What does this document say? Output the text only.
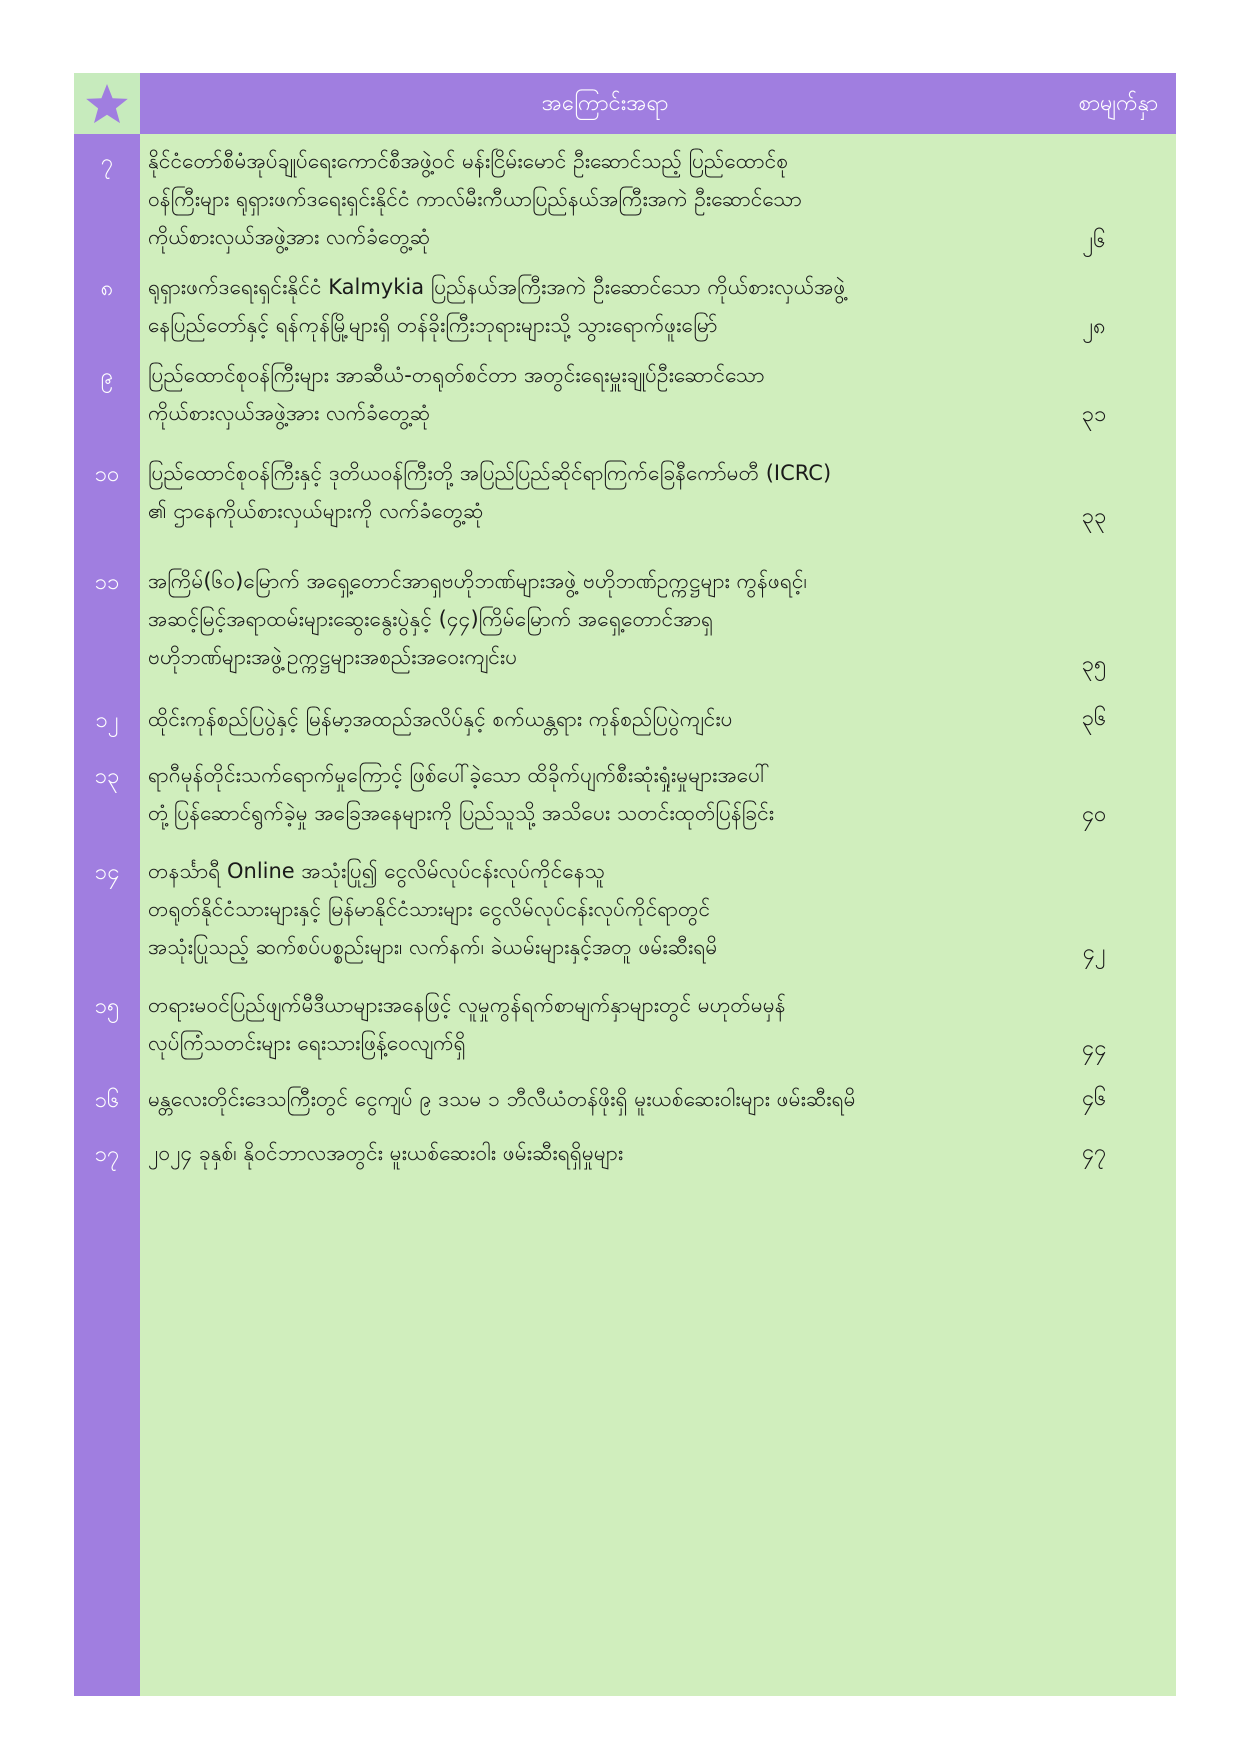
အကြောင်းအရာ	စာမျက်နှာ
၇	နိုင်ငံတော်စီမံအုပ်ချုပ်ရေးကောင်စီအဖွဲ့ဝင် မန်းငြိမ်းမောင် ဦးဆောင်သည့် ပြည်ထောင်စု
ဝန်ကြီးများ ရုရှားဖက်ဒရေးရှင်းနိုင်ငံ ကာလ်မီးကီယာပြည်နယ်အကြီးအကဲ ဦးဆောင်သော
ကိုယ်စားလှယ်အဖွဲ့အား လက်ခံတွေ့ဆုံ	၂၆
၈	ရုရှားဖက်ဒရေးရှင်းနိုင်ငံ Kalmykia ပြည်နယ်အကြီးအကဲ ဦးဆောင်သော ကိုယ်စားလှယ်အဖွဲ့
နေပြည်တော်နှင့် ရန်ကုန်မြို့များရှိ တန်ခိုးကြီးဘုရားများသို့ သွားရောက်ဖူးမြော်	၂၈
၉	ပြည်ထောင်စုဝန်ကြီးများ အာဆီယံ-တရုတ်စင်တာ အတွင်းရေးမှူးချုပ်ဦးဆောင်သော
ကိုယ်စားလှယ်အဖွဲ့အား လက်ခံတွေ့ဆုံ	၃၁
၁၀	ပြည်ထောင်စုဝန်ကြီးနှင့် ဒုတိယဝန်ကြီးတို့ အပြည်ပြည်ဆိုင်ရာကြက်ခြေနီကော်မတီ (ICRC)
၏ ဌာနေကိုယ်စားလှယ်များကို လက်ခံတွေ့ဆုံ	၃၃
၁၁	အကြိမ်(၆၀)မြောက် အရှေ့တောင်အာရှဗဟိုဘဏ်များအဖွဲ့ ဗဟိုဘဏ်ဥက္ကဋ္ဌများ ကွန်ဖရင့်၊
အဆင့်မြင့်အရာထမ်းများဆွေးနွေးပွဲနှင့် (၄၄)ကြိမ်မြောက် အရှေ့တောင်အာရှ
ဗဟိုဘဏ်များအဖွဲ့ဥက္ကဋ္ဌများအစည်းအဝေးကျင်းပ	၃၅
၁၂	ထိုင်းကုန်စည်ပြပွဲနှင့် မြန်မာ့အထည်အလိပ်နှင့် စက်ယန္တရား ကုန်စည်ပြပွဲကျင်းပ	၃၆
၁၃	ရာဂီမုန်တိုင်းသက်ရောက်မှုကြောင့် ဖြစ်ပေါ်ခဲ့သော ထိခိုက်ပျက်စီးဆုံးရှုံးမှုများအပေါ်
တုံ့ပြန်ဆောင်ရွက်ခဲ့မှု အခြေအနေများကို ပြည်သူသို့ အသိပေး သတင်းထုတ်ပြန်ခြင်း	၄၀
၁၄	တနင်္သာရီ Online အသုံးပြု၍ ငွေလိမ်လုပ်ငန်းလုပ်ကိုင်နေသူ
တရုတ်နိုင်ငံသားများနှင့် မြန်မာနိုင်ငံသားများ ငွေလိမ်လုပ်ငန်းလုပ်ကိုင်ရာတွင်
အသုံးပြုသည့် ဆက်စပ်ပစ္စည်းများ၊ လက်နက်၊ ခဲယမ်းများနှင့်အတူ ဖမ်းဆီးရမိ	၄၂
၁၅	တရားမဝင်ပြည်ဖျက်မီဒီယာများအနေဖြင့် လူမှုကွန်ရက်စာမျက်နှာများတွင် မဟုတ်မမှန်
လုပ်ကြံသတင်းများ ရေးသားဖြန့်ဝေလျက်ရှိ	၄၄
၁၆	မန္တလေးတိုင်းဒေသကြီးတွင် ငွေကျပ် ၉ ဒသမ ၁ ဘီလီယံတန်ဖိုးရှိ မူးယစ်ဆေးဝါးများ ဖမ်းဆီးရမိ	၄၆
၁၇	၂၀၂၄ ခုနှစ်၊ နိုဝင်ဘာလအတွင်း မူးယစ်ဆေးဝါး ဖမ်းဆီးရရှိမှုများ	၄၇
